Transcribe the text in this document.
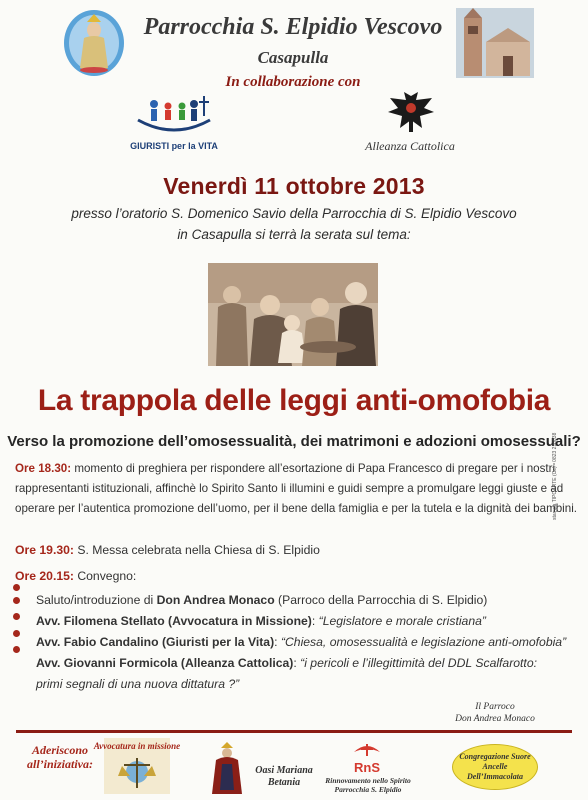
Parrocchia S. Elpidio Vescovo
Casapulla
In collaborazione con
GIURISTI per la VITA	Alleanza Cattolica
Venerdì 11 ottobre 2013
presso l’oratorio S. Domenico Savio della Parrocchia di S. Elpidio Vescovo
in Casapulla si terrà la serata sul tema:
La trappola delle leggi anti-omofobia
Verso la promozione dell’omosessualità, dei matrimoni e adozioni omosessuali?
Ore 18.30: momento di preghiera per rispondere all’esortazione di Papa Francesco di pregare per i nostri rappresentanti istituzionali, affinchè lo Spirito Santo li illumini e guidi sempre a promulgare leggi giuste e ad operare per l’autentica promozione dell’uomo, per il bene della famiglia e per la tutela e la dignità dei bambini.
Ore 19.30: S. Messa celebrata nella Chiesa di S. Elpidio
Ore 20.15: Convegno:
Saluto/introduzione di Don Andrea Monaco (Parroco della Parrocchia di S. Elpidio)
Avv. Filomena Stellato (Avvocatura in Missione): “Legislatore e morale cristiana”
Avv. Fabio Candalino (Giuristi per la Vita): “Chiesa, omosessualità e legislazione anti-omofobia”
Avv. Giovanni Formicola (Alleanza Cattolica): “i pericoli e l’illegittimità del DDL Scalfarotto:
primi segnali di una nuova dittatura ?”
stampa TIPOARTE (Ce) - 0823 216838
Il Parroco
Don Andrea Monaco
Aderiscono all’iniziativa:
Avvocatura in missione
Oasi Mariana Betania
RnS
Rinnovamento nello Spirito Parrocchia S. Elpidio
Congregazione Suore Ancelle Dell’Immacolata
